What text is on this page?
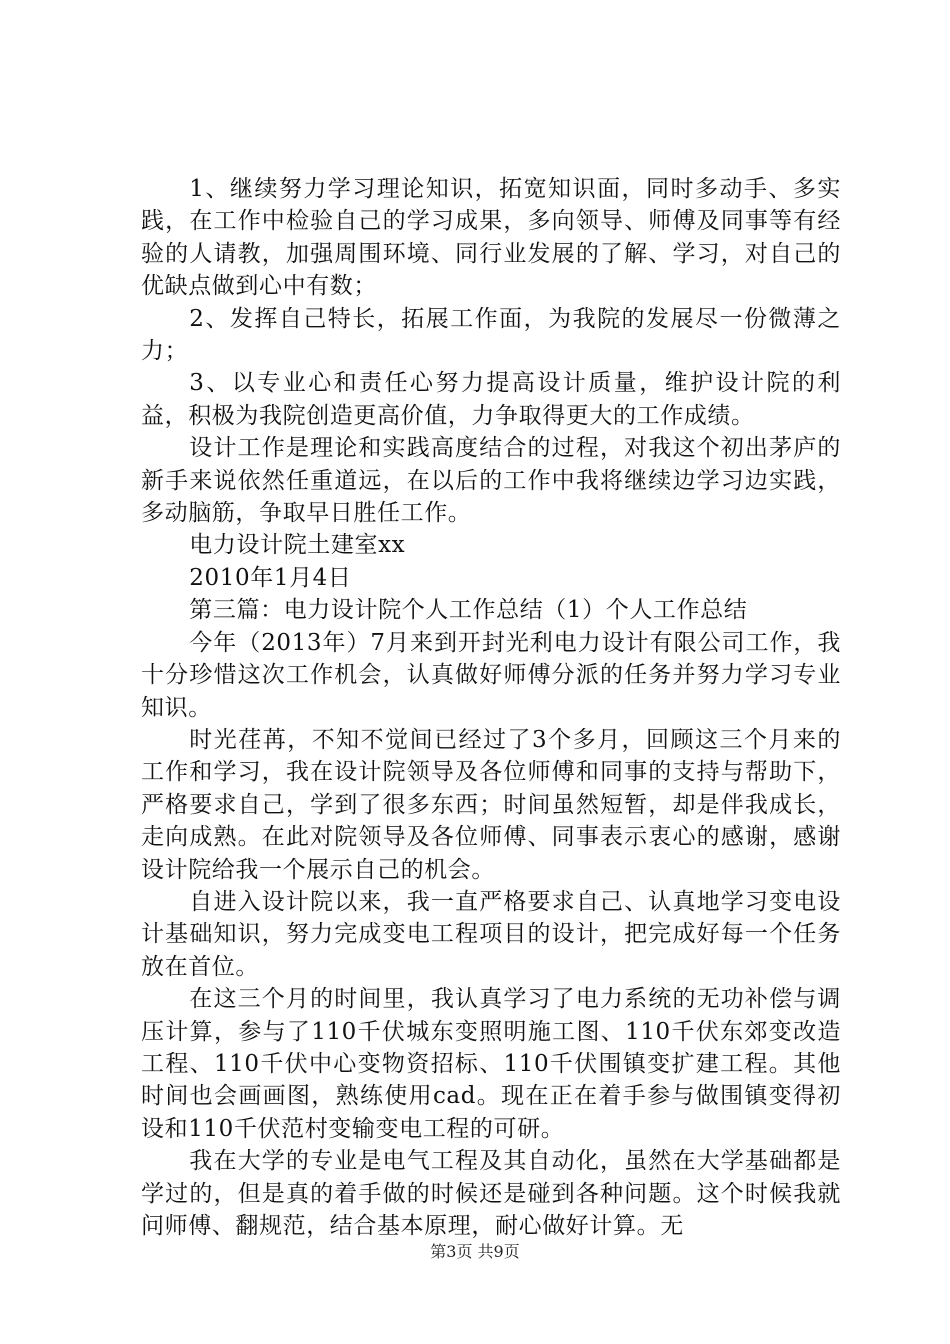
1、继续努力学习理论知识，拓宽知识面，同时多动手、多实践，在工作中检验自己的学习成果，多向领导、师傅及同事等有经验的人请教，加强周围环境、同行业发展的了解、学习，对自己的优缺点做到心中有数；

2、发挥自己特长，拓展工作面，为我院的发展尽一份微薄之力；

3、以专业心和责任心努力提高设计质量，维护设计院的利益，积极为我院创造更高价值，力争取得更大的工作成绩。

设计工作是理论和实践高度结合的过程，对我这个初出茅庐的新手来说依然任重道远，在以后的工作中我将继续边学习边实践，多动脑筋，争取早日胜任工作。

电力设计院土建室xx

2010年1月4日

第三篇：电力设计院个人工作总结（1）个人工作总结

今年（2013年）7月来到开封光利电力设计有限公司工作，我十分珍惜这次工作机会，认真做好师傅分派的任务并努力学习专业知识。

时光荏苒，不知不觉间已经过了3个多月，回顾这三个月来的工作和学习，我在设计院领导及各位师傅和同事的支持与帮助下，严格要求自己，学到了很多东西；时间虽然短暂，却是伴我成长，走向成熟。在此对院领导及各位师傅、同事表示衷心的感谢，感谢设计院给我一个展示自己的机会。

自进入设计院以来，我一直严格要求自己、认真地学习变电设计基础知识，努力完成变电工程项目的设计，把完成好每一个任务放在首位。

在这三个月的时间里，我认真学习了电力系统的无功补偿与调压计算，参与了110千伏城东变照明施工图、110千伏东郊变改造工程、110千伏中心变物资招标、110千伏围镇变扩建工程。其他时间也会画画图，熟练使用cad。现在正在着手参与做围镇变得初设和110千伏范村变输变电工程的可研。

我在大学的专业是电气工程及其自动化，虽然在大学基础都是学过的，但是真的着手做的时候还是碰到各种问题。这个时候我就问师傅、翻规范，结合基本原理，耐心做好计算。无

第3页 共9页
